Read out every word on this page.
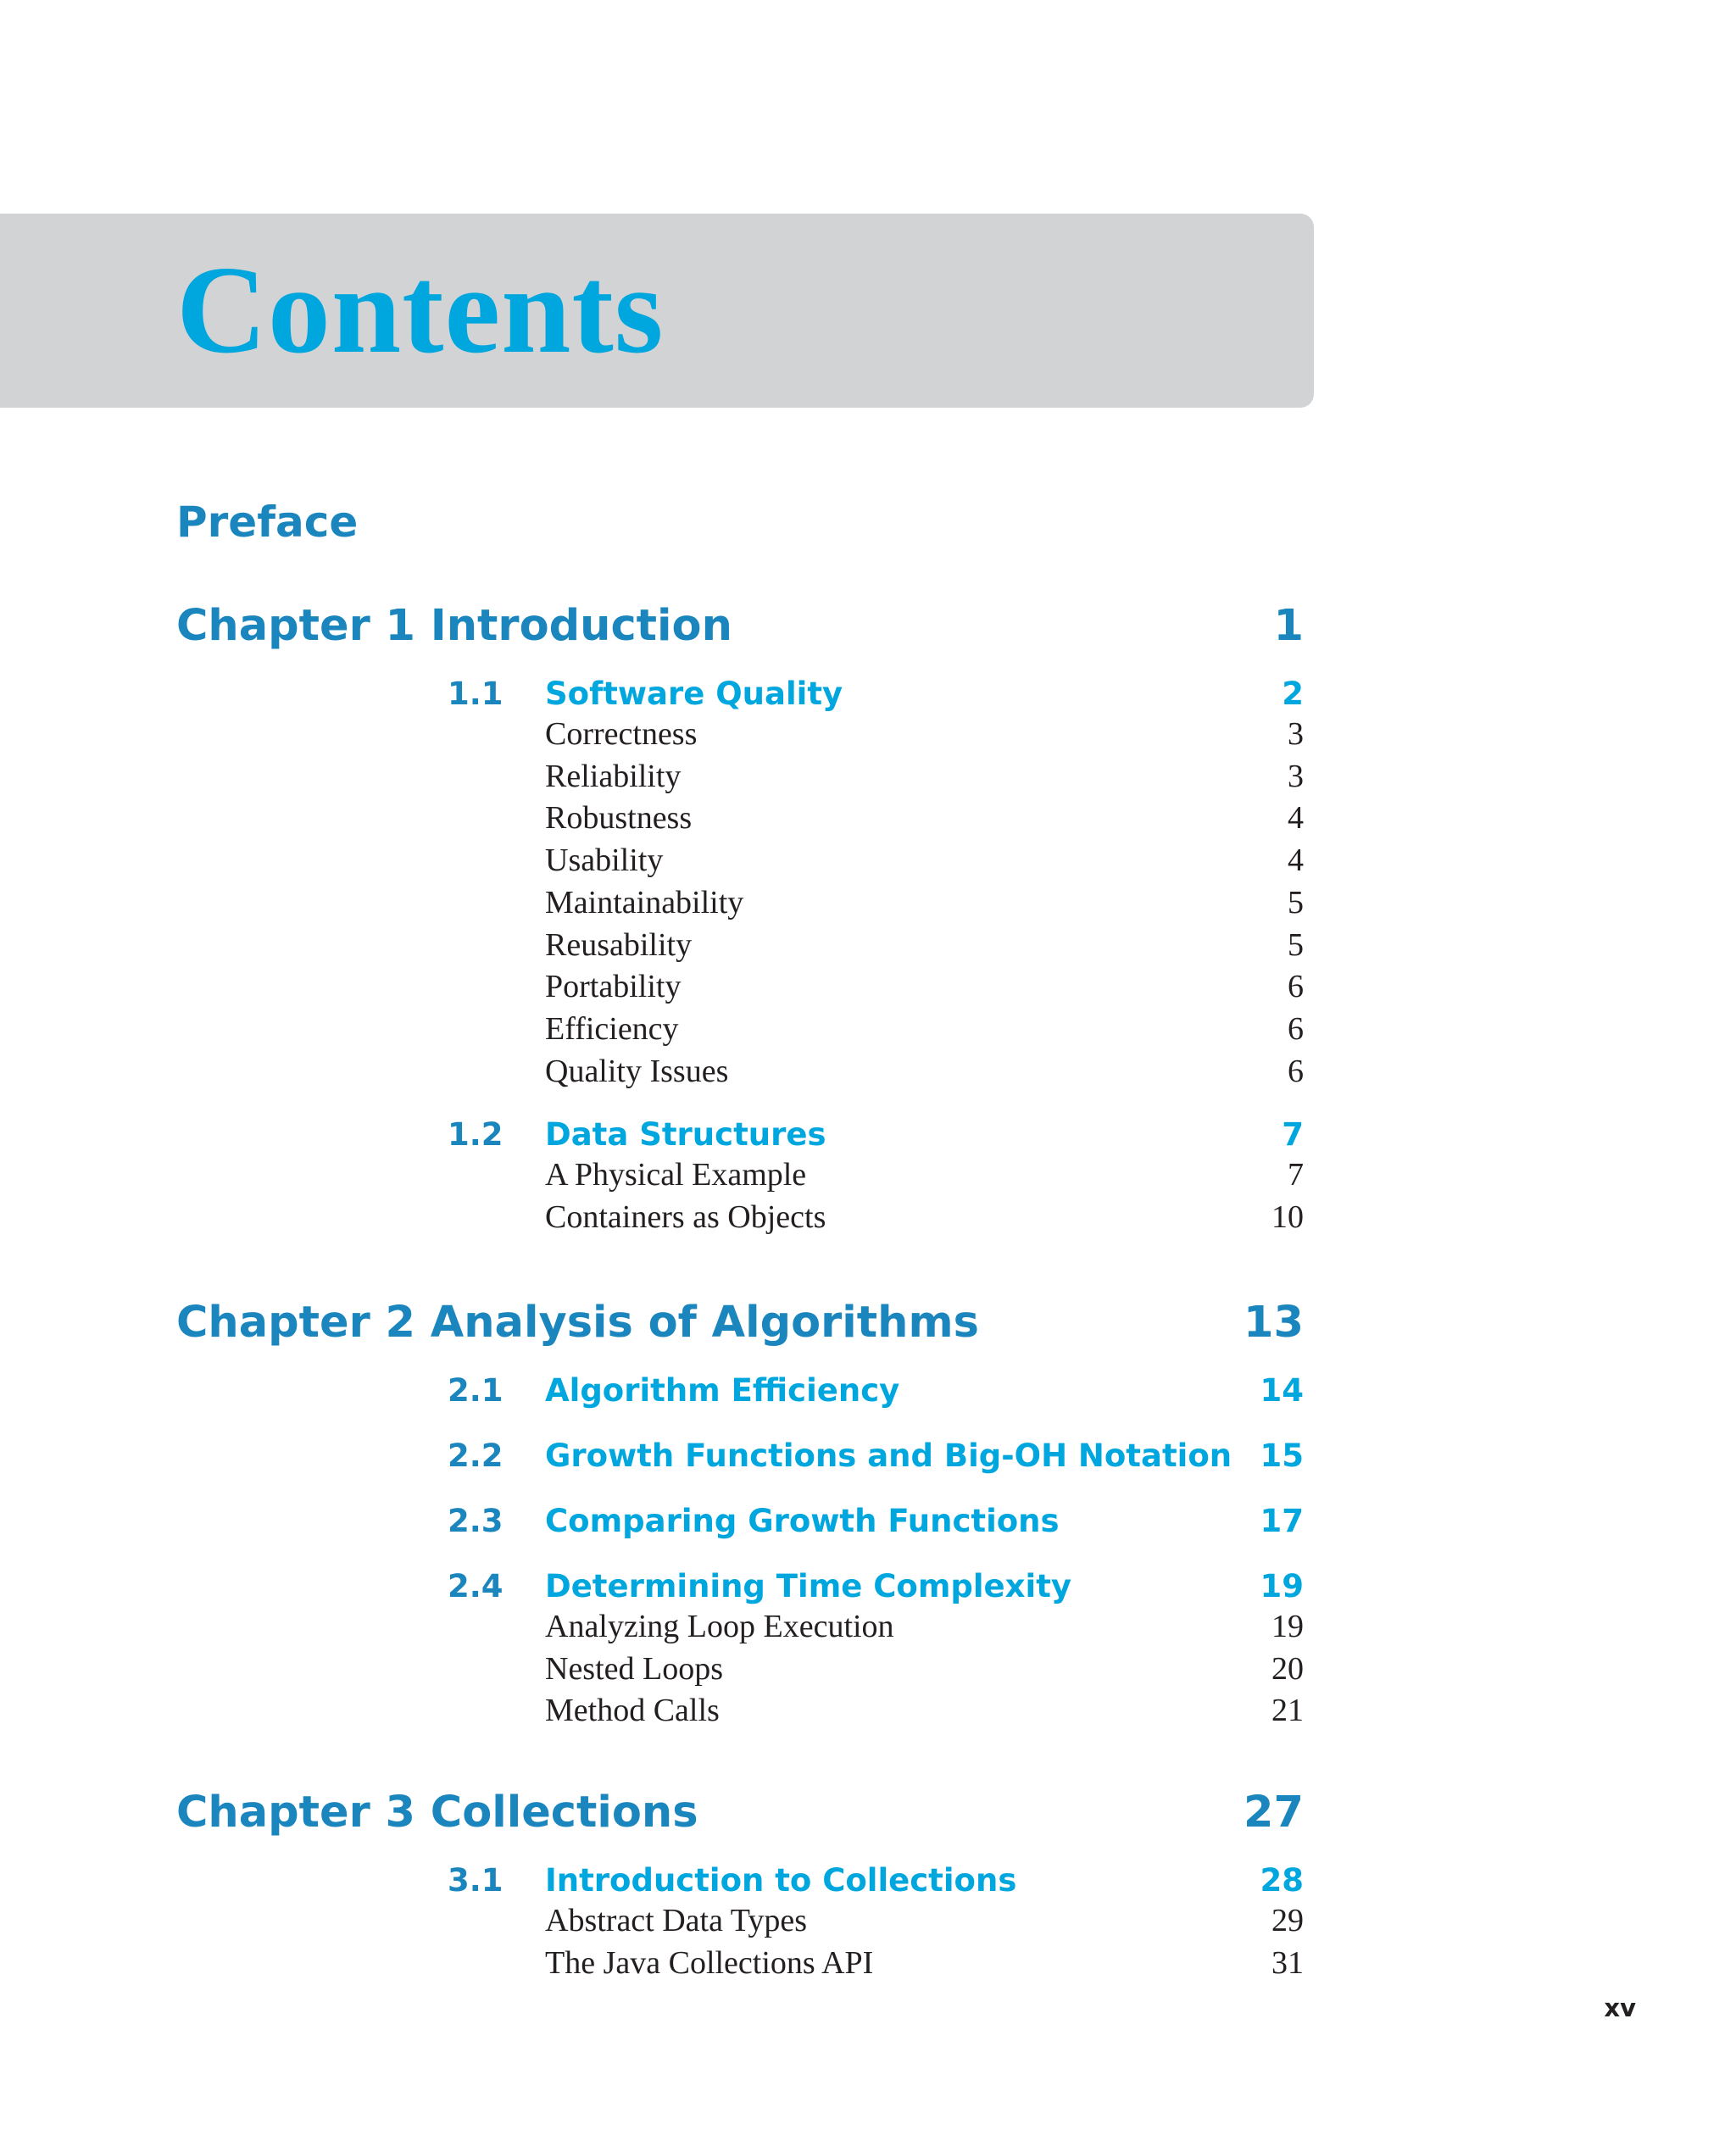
Contents
Preface
Chapter 1 Introduction	1
1.1 Software Quality	2
Correctness	3
Reliability	3
Robustness	4
Usability	4
Maintainability	5
Reusability	5
Portability	6
Efficiency	6
Quality Issues	6
1.2 Data Structures	7
A Physical Example	7
Containers as Objects	10
Chapter 2 Analysis of Algorithms	13
2.1 Algorithm Efficiency	14
2.2 Growth Functions and Big-OH Notation 15
2.3 Comparing Growth Functions	17
2.4 Determining Time Complexity	19
Analyzing Loop Execution	19
Nested Loops	20
Method Calls	21
Chapter 3 Collections	27
3.1 Introduction to Collections	28
Abstract Data Types	29
The Java Collections API	31
xv
